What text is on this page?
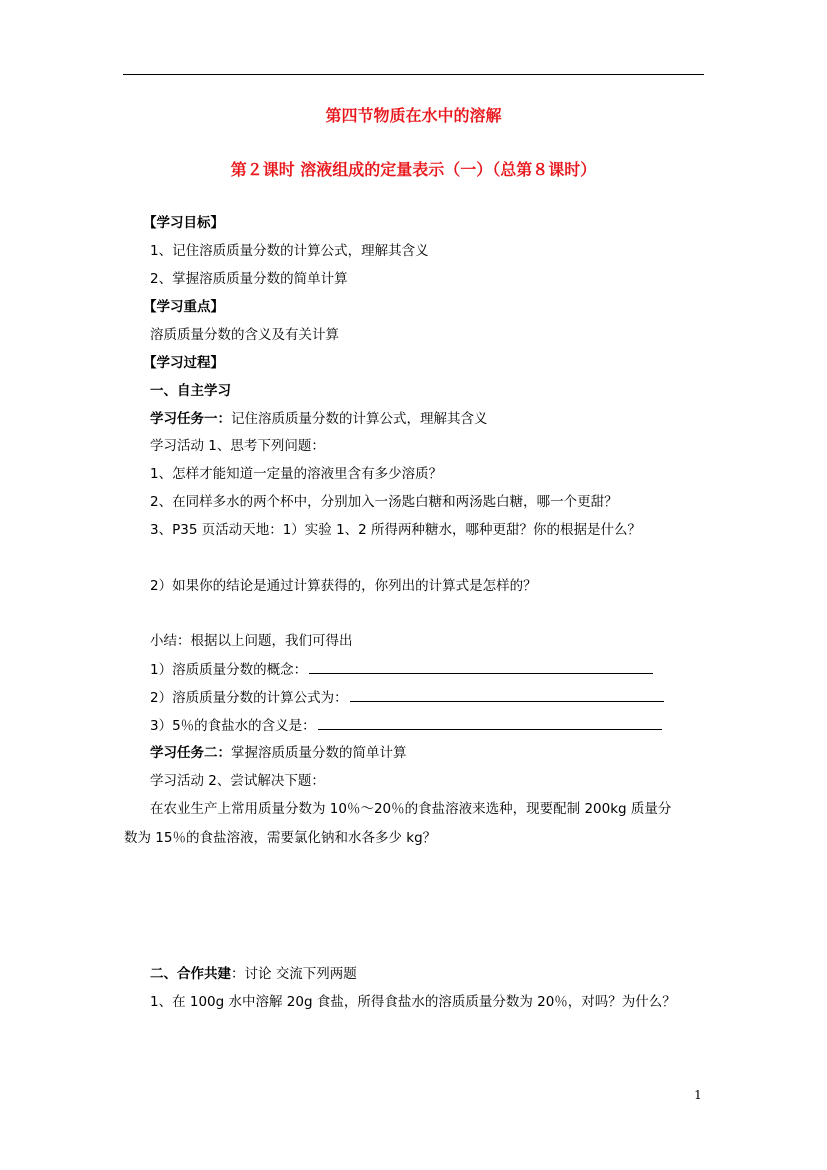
第四节物质在水中的溶解
第２课时 溶液组成的定量表示（一）（总第８课时）
【学习目标】
1、记住溶质质量分数的计算公式，理解其含义
2、掌握溶质质量分数的简单计算
【学习重点】
溶质质量分数的含义及有关计算
【学习过程】
一、自主学习
学习任务一：记住溶质质量分数的计算公式，理解其含义
学习活动 1、思考下列问题：
1、怎样才能知道一定量的溶液里含有多少溶质？
2、在同样多水的两个杯中，分别加入一汤匙白糖和两汤匙白糖，哪一个更甜？
3、P35 页活动天地：1）实验 1、2 所得两种糖水，哪种更甜？你的根据是什么？
2）如果你的结论是通过计算获得的，你列出的计算式是怎样的？
小结：根据以上问题，我们可得出
1）溶质质量分数的概念：
2）溶质质量分数的计算公式为：
3）5％的食盐水的含义是：
学习任务二：掌握溶质质量分数的简单计算
学习活动 2、尝试解决下题：
在农业生产上常用质量分数为 10％～20％的食盐溶液来选种，现要配制 200kg 质量分
数为 15％的食盐溶液，需要氯化钠和水各多少 kg？
二、合作共建：讨论 交流下列两题
1、在 100g 水中溶解 20g 食盐，所得食盐水的溶质质量分数为 20％，对吗？为什么？
1
